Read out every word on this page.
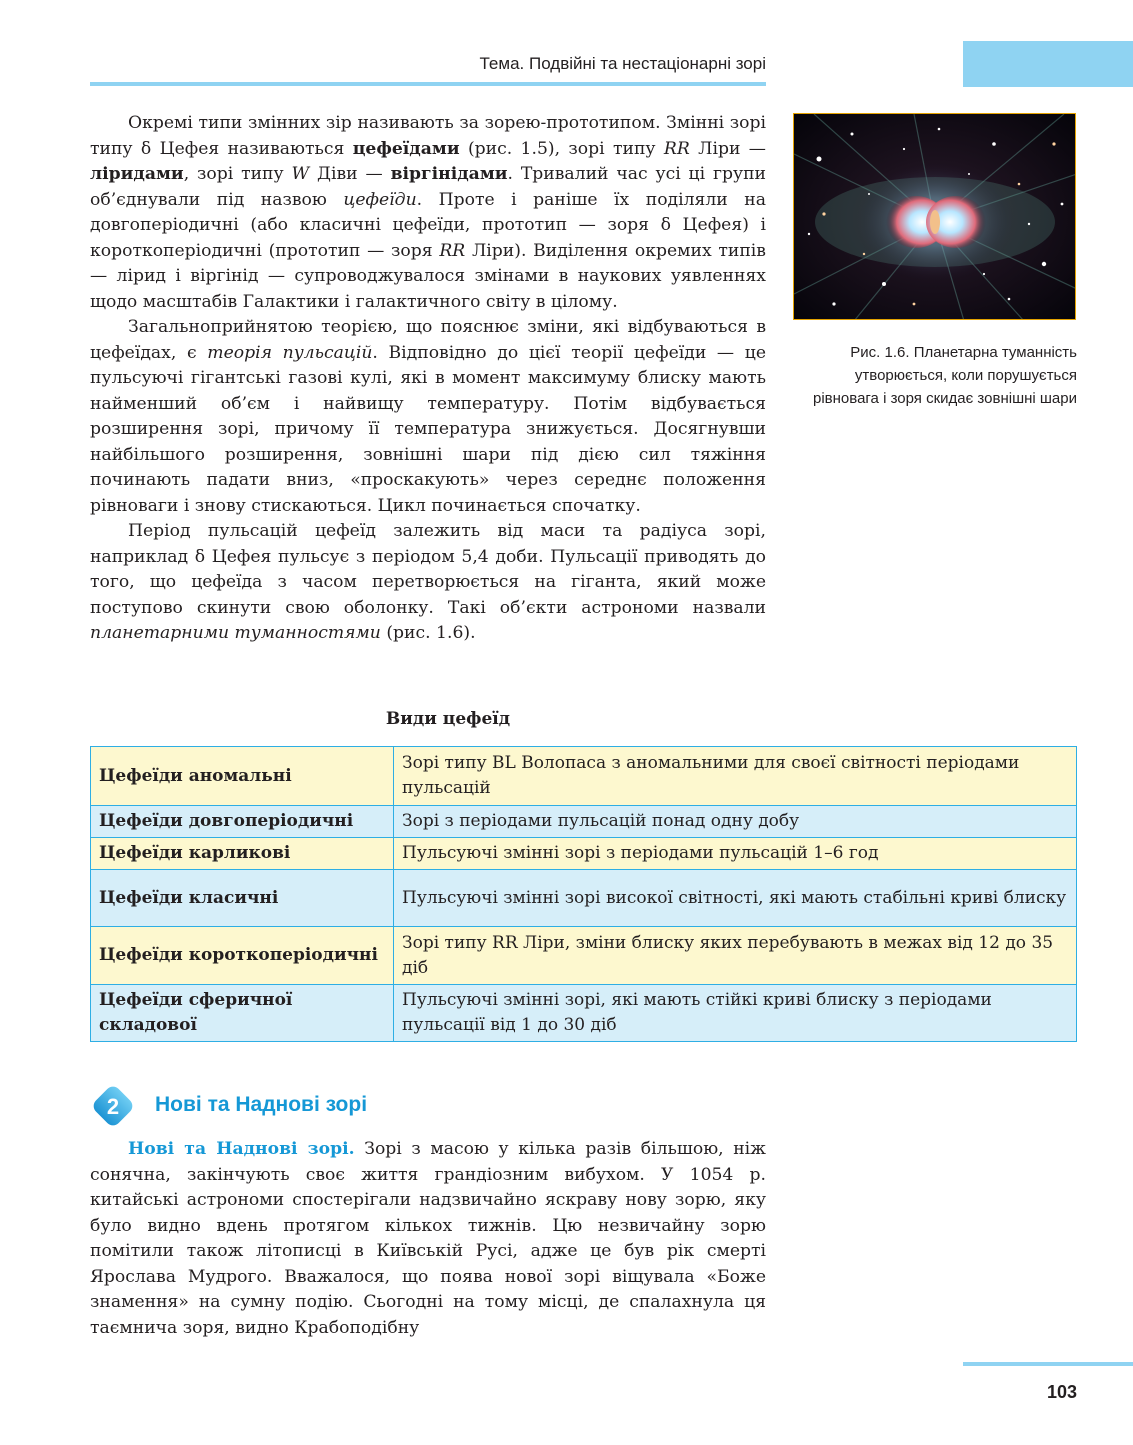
Тема. Подвійні та нестаціонарні зорі

Окремі типи змінних зір називають за зорею-прототипом. Змінні зорі типу δ Цефея називаються цефеїдами (рис. 1.5), зорі типу RR Ліри — ліридами, зорі типу W Діви — віргінідами. Тривалий час усі ці групи об’єднували під назвою цефеїди. Проте і раніше їх поділяли на довгоперіодичні (або класичні цефеїди, прототип — зоря δ Цефея) і короткоперіодичні (прототип — зоря RR Ліри). Виділення окремих типів — лірид і віргінід — супроводжувалося змінами в наукових уявленнях щодо масштабів Галактики і галактичного світу в цілому.

Загальноприйнятою теорією, що пояснює зміни, які відбуваються в цефеїдах, є теорія пульсацій. Відповідно до цієї теорії цефеїди — це пульсуючі гігантські газові кулі, які в момент максимуму блиску мають найменший об’єм і найвищу температуру. Потім відбувається розширення зорі, причому її температура знижується. Досягнувши найбільшого розширення, зовнішні шари під дією сил тяжіння починають падати вниз, «проскакують» через середнє положення рівноваги і знову стискаються. Цикл починається спочатку.

Період пульсацій цефеїд залежить від маси та радіуса зорі, наприклад δ Цефея пульсує з періодом 5,4 доби. Пульсації приводять до того, що цефеїда з часом перетворюється на гіганта, який може поступово скинути свою оболонку. Такі об’єкти астрономи назвали планетарними туманностями (рис. 1.6).

Рис. 1.6. Планетарна туманність утворюється, коли порушується рівновага і зоря скидає зовнішні шари
Види цефеїд
Цефеїди аномальні	Зорі типу BL Волопаса з аномальними для своєї світності періодами пульсацій
Цефеїди довгоперіодичні	Зорі з періодами пульсацій понад одну добу
Цефеїди карликові	Пульсуючі змінні зорі з періодами пульсацій 1–6 год
Цефеїди класичні	Пульсуючі змінні зорі високої світності, які мають стабільні криві блиску
Цефеїди короткоперіодичні	Зорі типу RR Ліри, зміни блиску яких перебувають в межах від 12 до 35 діб
Цефеїди сферичної складової	Пульсуючі змінні зорі, які мають стійкі криві блиску з періодами пульсації від 1 до 30 діб
2 Нові та Наднові зорі

Нові та Наднові зорі. Зорі з масою у кілька разів більшою, ніж сонячна, закінчують своє життя грандіозним вибухом. У 1054 р. китайські астрономи спостерігали надзвичайно яскраву нову зорю, яку було видно вдень протягом кількох тижнів. Цю незвичайну зорю помітили також літописці в Київській Русі, адже це був рік смерті Ярослава Мудрого. Вважалося, що поява нової зорі віщувала «Боже знамення» на сумну подію. Сьогодні на тому місці, де спалахнула ця таємнича зоря, видно Крабоподібну

103
